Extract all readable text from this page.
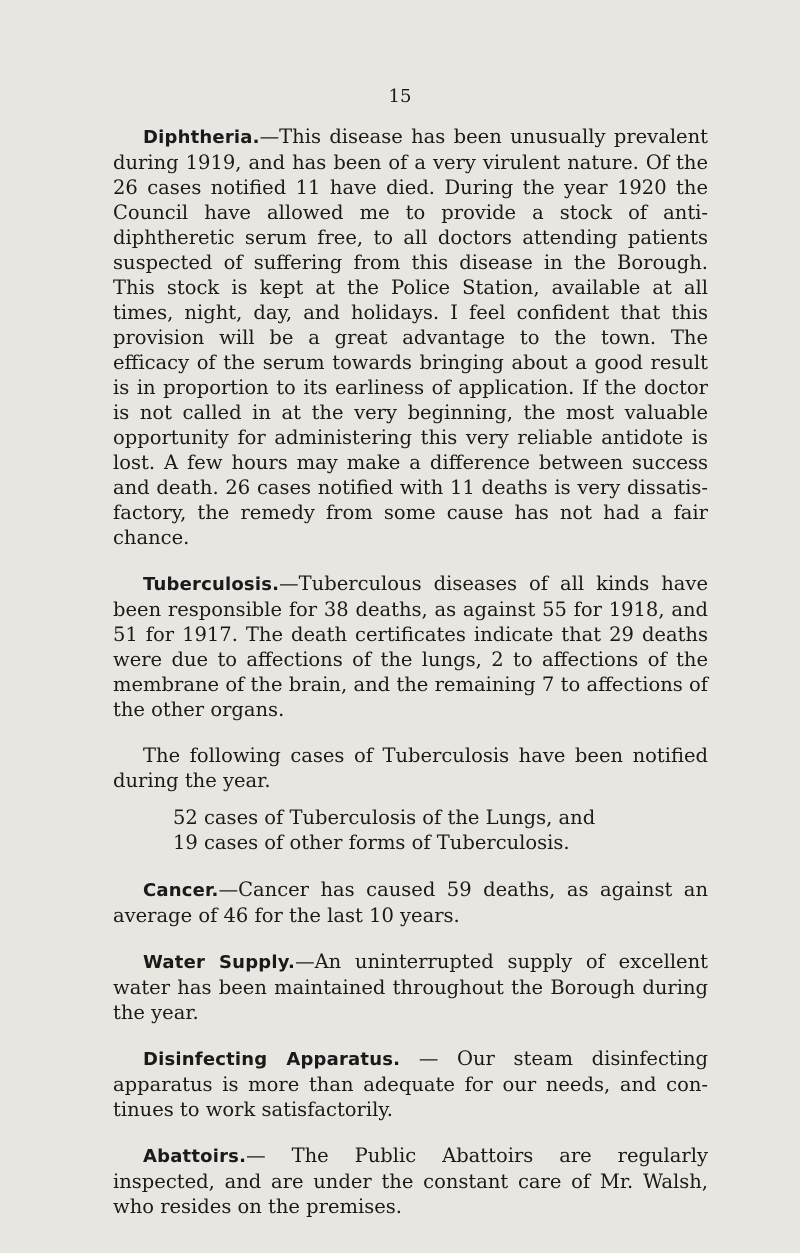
15

Diphtheria.—This disease has been unusually prevalent during 1919, and has been of a very virulent nature. Of the 26 cases notified 11 have died. During the year 1920 the Council have allowed me to provide a stock of anti-diphtheretic serum free, to all doctors attending patients suspected of suffering from this disease in the Borough. This stock is kept at the Police Station, available at all times, night, day, and holidays. I feel confident that this provision will be a great advantage to the town. The efficacy of the serum towards bringing about a good result is in proportion to its earliness of application. If the doctor is not called in at the very beginning, the most valuable opportunity for administering this very reliable antidote is lost. A few hours may make a difference between success and death. 26 cases notified with 11 deaths is very dissatis-factory, the remedy from some cause has not had a fair chance.

Tuberculosis.—Tuberculous diseases of all kinds have been responsible for 38 deaths, as against 55 for 1918, and 51 for 1917. The death certificates indicate that 29 deaths were due to affections of the lungs, 2 to affections of the membrane of the brain, and the remaining 7 to affections of the other organs.

The following cases of Tuberculosis have been notified during the year.

52 cases of Tuberculosis of the Lungs, and

19 cases of other forms of Tuberculosis.

Cancer.—Cancer has caused 59 deaths, as against an average of 46 for the last 10 years.

Water Supply.—An uninterrupted supply of excellent water has been maintained throughout the Borough during the year.

Disinfecting Apparatus. — Our steam disinfecting apparatus is more than adequate for our needs, and con-tinues to work satisfactorily.

Abattoirs.— The Public Abattoirs are regularly inspected, and are under the constant care of Mr. Walsh, who resides on the premises.
